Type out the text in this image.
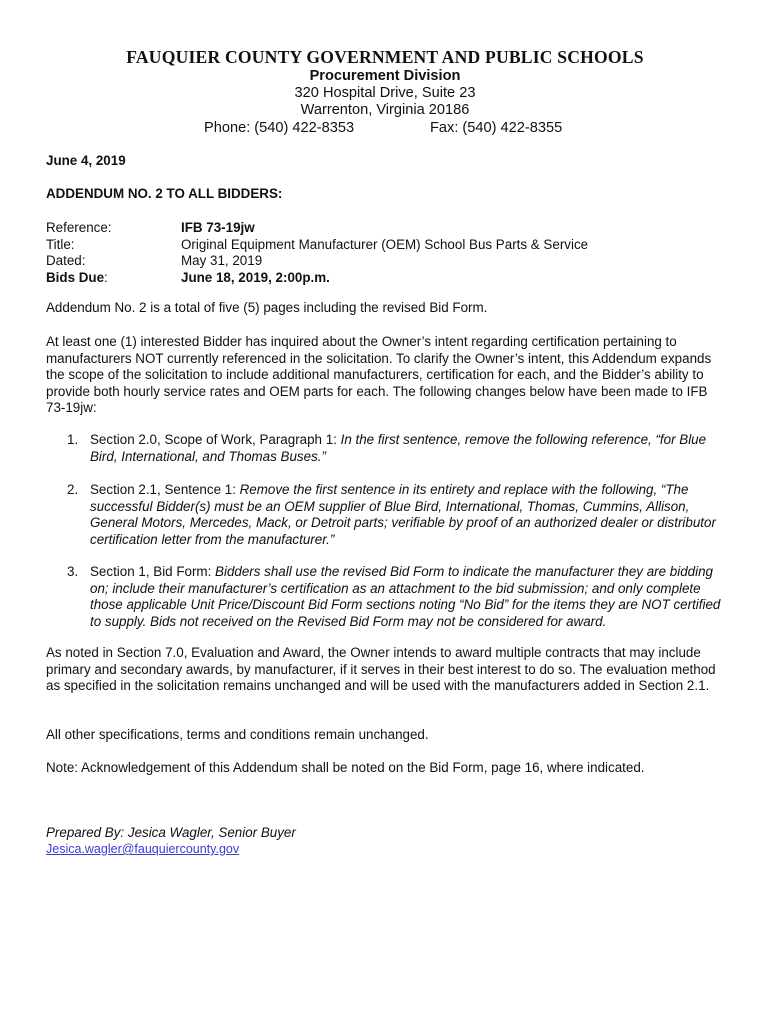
FAUQUIER COUNTY GOVERNMENT AND PUBLIC SCHOOLS
Procurement Division
320 Hospital Drive, Suite 23
Warrenton, Virginia 20186
Phone: (540) 422-8353	Fax: (540) 422-8355
June 4, 2019
ADDENDUM NO. 2 TO ALL BIDDERS:
Reference:	IFB 73-19jw
Title:	Original Equipment Manufacturer (OEM) School Bus Parts & Service
Dated:	May 31, 2019
Bids Due:	June 18, 2019, 2:00p.m.

Addendum No. 2 is a total of five (5) pages including the revised Bid Form.

At least one (1) interested Bidder has inquired about the Owner’s intent regarding certification pertaining to manufacturers NOT currently referenced in the solicitation. To clarify the Owner’s intent, this Addendum expands the scope of the solicitation to include additional manufacturers, certification for each, and the Bidder’s ability to provide both hourly service rates and OEM parts for each. The following changes below have been made to IFB 73-19jw:

1. Section 2.0, Scope of Work, Paragraph 1: In the first sentence, remove the following reference, “for Blue Bird, International, and Thomas Buses.”
2. Section 2.1, Sentence 1: Remove the first sentence in its entirety and replace with the following, “The successful Bidder(s) must be an OEM supplier of Blue Bird, International, Thomas, Cummins, Allison, General Motors, Mercedes, Mack, or Detroit parts; verifiable by proof of an authorized dealer or distributor certification letter from the manufacturer.”
3. Section 1, Bid Form: Bidders shall use the revised Bid Form to indicate the manufacturer they are bidding on; include their manufacturer’s certification as an attachment to the bid submission; and only complete those applicable Unit Price/Discount Bid Form sections noting “No Bid” for the items they are NOT certified to supply. Bids not received on the Revised Bid Form may not be considered for award.

As noted in Section 7.0, Evaluation and Award, the Owner intends to award multiple contracts that may include primary and secondary awards, by manufacturer, if it serves in their best interest to do so. The evaluation method as specified in the solicitation remains unchanged and will be used with the manufacturers added in Section 2.1.

All other specifications, terms and conditions remain unchanged.

Note: Acknowledgement of this Addendum shall be noted on the Bid Form, page 16, where indicated.

Prepared By: Jesica Wagler, Senior Buyer
Jesica.wagler@fauquiercounty.gov
